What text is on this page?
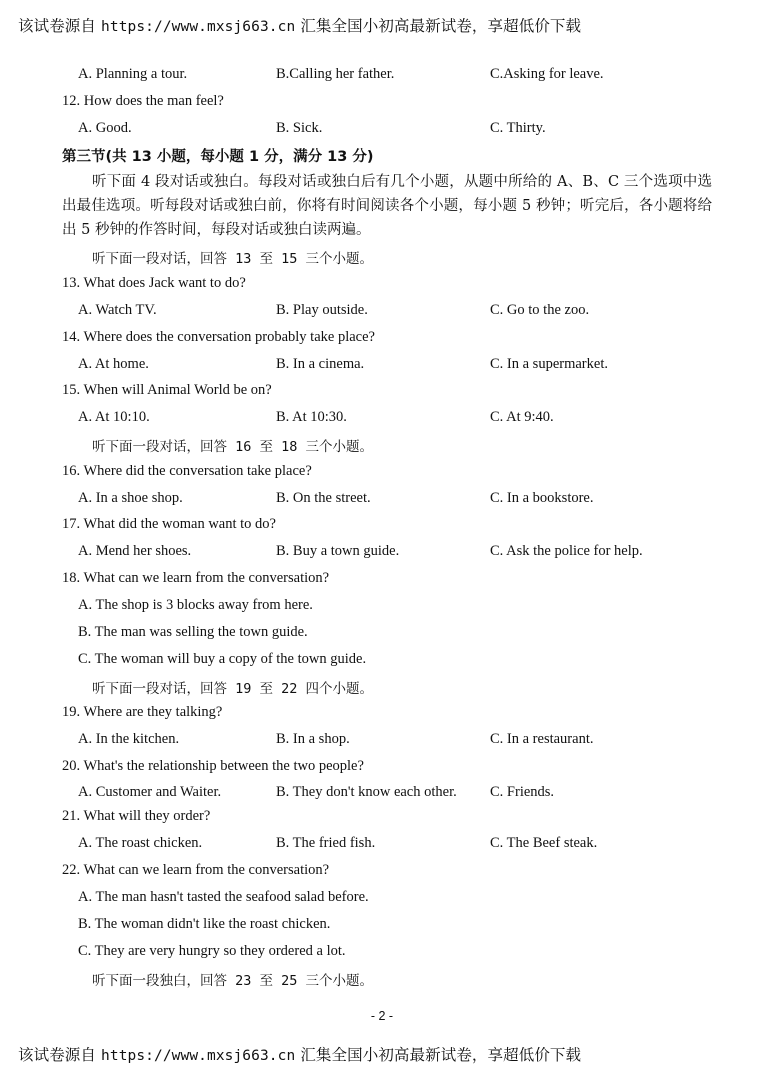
该试卷源自 https://www.mxsj663.cn 汇集全国小初高最新试卷，享超低价下载
A. Planning a tour.	B.Calling her father.	C.Asking for leave.
12. How does the man feel?
A. Good.	B. Sick.	C. Thirty.
第三节(共 13 小题，每小题 1 分，满分 13 分)
听下面 4 段对话或独白。每段对话或独白后有几个小题，从题中所给的 A、B、C 三个选项中选出最佳选项。听每段对话或独白前，你将有时间阅读各个小题，每小题 5 秒钟；听完后，各小题将给出 5 秒钟的作答时间，每段对话或独白读两遍。
听下面一段对话，回答 13 至 15 三个小题。
13. What does Jack want to do?
A. Watch TV.	B. Play outside.	C. Go to the zoo.
14. Where does the conversation probably take place?
A. At home.	B. In a cinema.	C. In a supermarket.
15. When will Animal World be on?
A. At 10:10.	B. At 10:30.	C. At 9:40.
听下面一段对话，回答 16 至 18 三个小题。
16. Where did the conversation take place?
A. In a shoe shop.	B. On the street.	C. In a bookstore.
17. What did the woman want to do?
A. Mend her shoes.	B. Buy a town guide.	C. Ask the police for help.
18. What can we learn from the conversation?
A. The shop is 3 blocks away from here.
B. The man was selling the town guide.
C. The woman will buy a copy of the town guide.
听下面一段对话，回答 19 至 22 四个小题。
19. Where are they talking?
A. In the kitchen.	B. In a shop.	C. In a restaurant.
20. What's the relationship between the two people?
A. Customer and Waiter.	B. They don't know each other. C. Friends.
21. What will they order?
A. The roast chicken.	B. The fried fish.	C. The Beef steak.
22. What can we learn from the conversation?
A. The man hasn't tasted the seafood salad before.
B. The woman didn't like the roast chicken.
C. They are very hungry so they ordered a lot.
听下面一段独白，回答 23 至 25 三个小题。
- 2 -
该试卷源自 https://www.mxsj663.cn 汇集全国小初高最新试卷，享超低价下载
